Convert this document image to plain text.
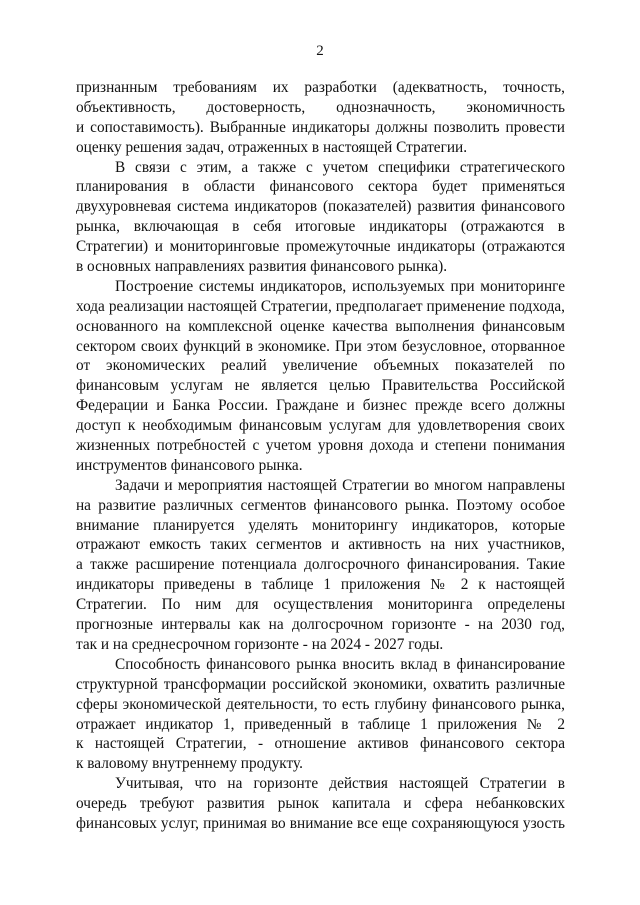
2
признанным требованиям их разработки (адекватность, точность,
объективность, достоверность, однозначность, экономичность
и сопоставимость). Выбранные индикаторы должны позволить провести
оценку решения задач, отраженных в настоящей Стратегии.
В связи с этим, а также с учетом специфики стратегического
планирования в области финансового сектора будет применяться
двухуровневая система индикаторов (показателей) развития финансового
рынка, включающая в себя итоговые индикаторы (отражаются в
Стратегии) и мониторинговые промежуточные индикаторы (отражаются
в основных направлениях развития финансового рынка).
Построение системы индикаторов, используемых при мониторинге
хода реализации настоящей Стратегии, предполагает применение подхода,
основанного на комплексной оценке качества выполнения финансовым
сектором своих функций в экономике. При этом безусловное, оторванное
от экономических реалий увеличение объемных показателей по
финансовым услугам не является целью Правительства Российской
Федерации и Банка России. Граждане и бизнес прежде всего должны
доступ к необходимым финансовым услугам для удовлетворения своих
жизненных потребностей с учетом уровня дохода и степени понимания
инструментов финансового рынка.
Задачи и мероприятия настоящей Стратегии во многом направлены
на развитие различных сегментов финансового рынка. Поэтому особое
внимание планируется уделять мониторингу индикаторов, которые
отражают емкость таких сегментов и активность на них участников,
а также расширение потенциала долгосрочного финансирования. Такие
индикаторы приведены в таблице 1 приложения № 2 к настоящей
Стратегии. По ним для осуществления мониторинга определены
прогнозные интервалы как на долгосрочном горизонте - на 2030 год,
так и на среднесрочном горизонте - на 2024 - 2027 годы.
Способность финансового рынка вносить вклад в финансирование
структурной трансформации российской экономики, охватить различные
сферы экономической деятельности, то есть глубину финансового рынка,
отражает индикатор 1, приведенный в таблице 1 приложения № 2
к настоящей Стратегии, - отношение активов финансового сектора
к валовому внутреннему продукту.
Учитывая, что на горизонте действия настоящей Стратегии в
очередь требуют развития рынок капитала и сфера небанковских
финансовых услуг, принимая во внимание все еще сохраняющуюся узость
